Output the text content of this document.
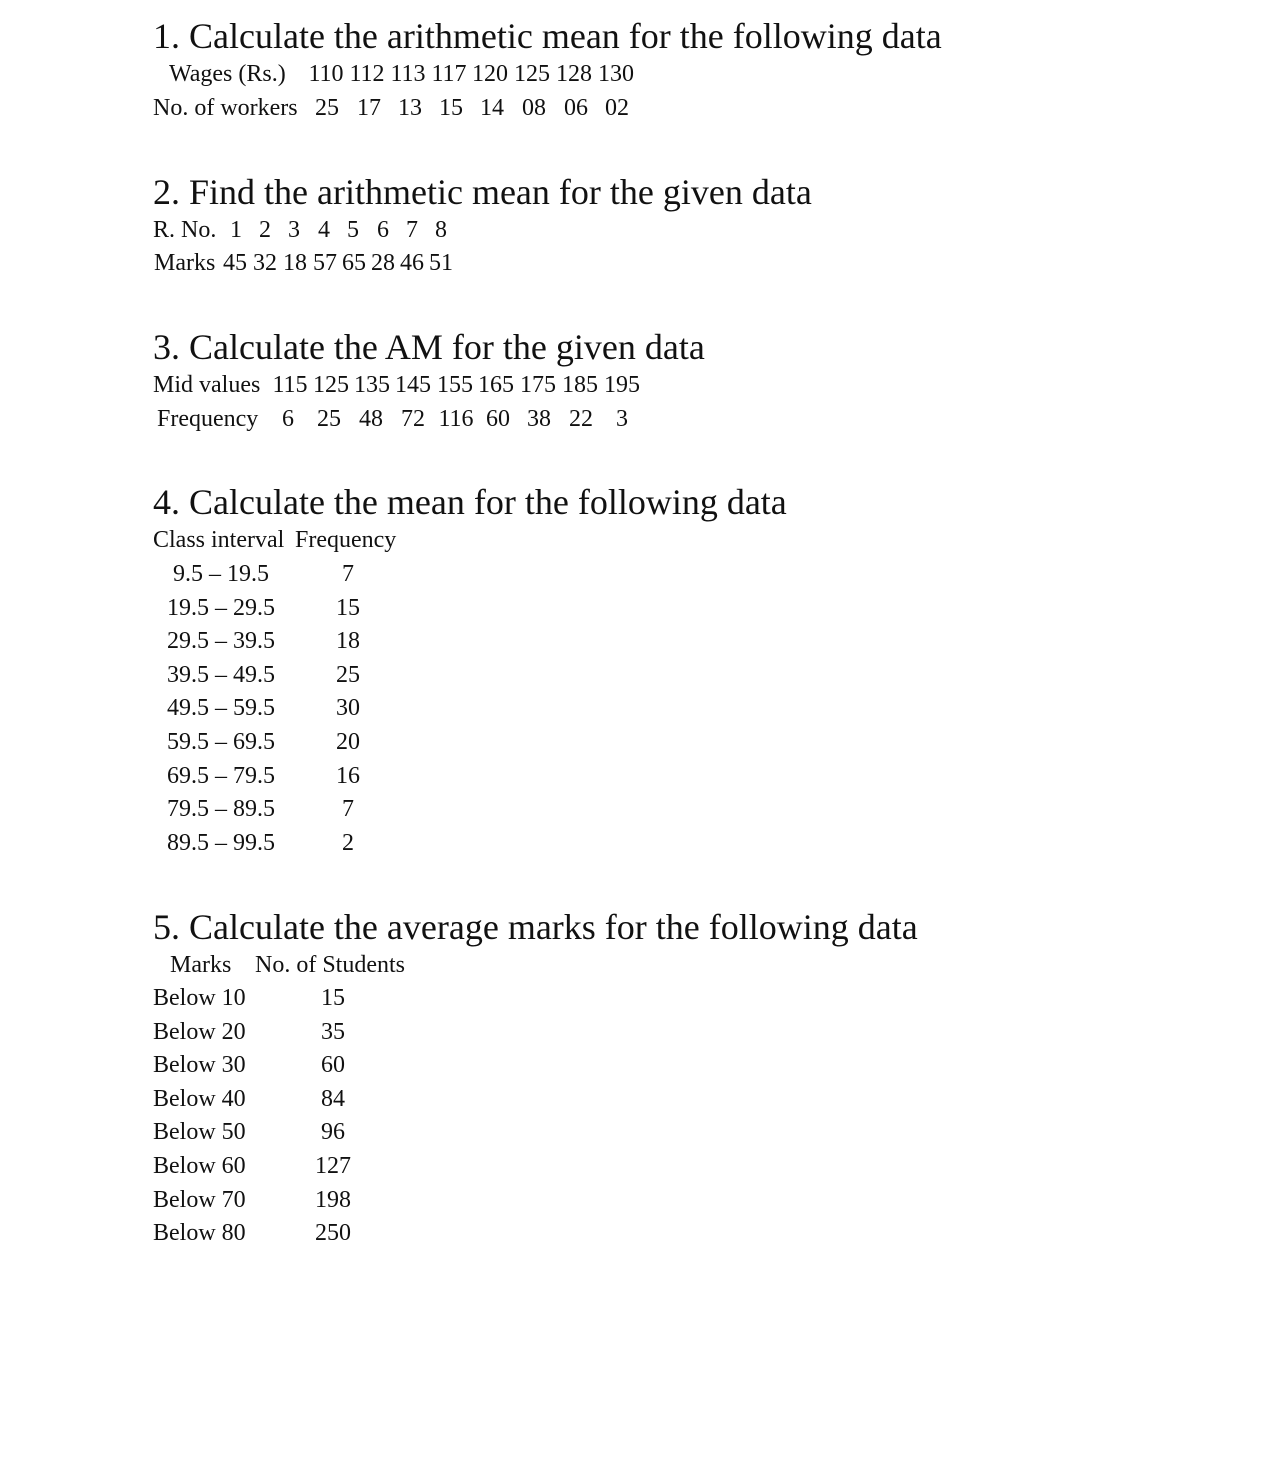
1. Calculate the arithmetic mean for the following data
Wages (Rs.) 110 112 113 117 120 125 128 130
No. of workers 25 17 13 15 14 08 06 02
2. Find the arithmetic mean for the given data
R. No. 1 2 3 4 5 6 7 8
Marks 45 32 18 57 65 28 46 51
3. Calculate the AM for the given data
Mid values 115 125 135 145 155 165 175 185 195
Frequency 6 25 48 72 116 60 38 22 3
4. Calculate the mean for the following data
Class interval Frequency
9.5 – 19.5	7
19.5 – 29.5	15
29.5 – 39.5	18
39.5 – 49.5	25
49.5 – 59.5	30
59.5 – 69.5	20
69.5 – 79.5	16
79.5 – 89.5	7
89.5 – 99.5	2
5. Calculate the average marks for the following data
Marks No. of Students
Below 10	15
Below 20	35
Below 30	60
Below 40	84
Below 50	96
Below 60	127
Below 70	198
Below 80	250
